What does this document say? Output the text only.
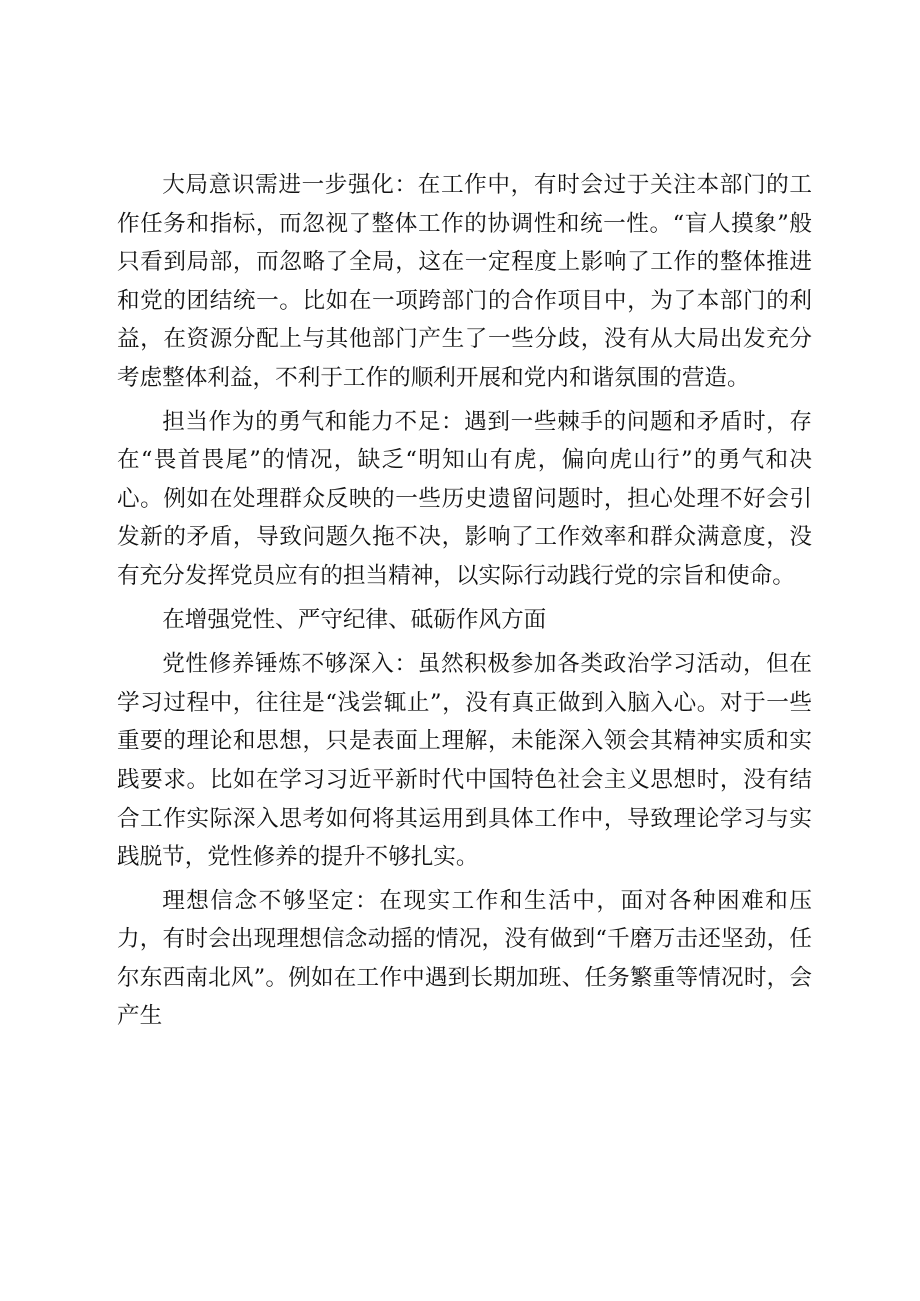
大局意识需进一步强化：在工作中，有时会过于关注本部门的工作任务和指标，而忽视了整体工作的协调性和统一性。“盲人摸象”般只看到局部，而忽略了全局，这在一定程度上影响了工作的整体推进和党的团结统一。比如在一项跨部门的合作项目中，为了本部门的利益，在资源分配上与其他部门产生了一些分歧，没有从大局出发充分考虑整体利益，不利于工作的顺利开展和党内和谐氛围的营造。

担当作为的勇气和能力不足：遇到一些棘手的问题和矛盾时，存在“畏首畏尾”的情况，缺乏“明知山有虎，偏向虎山行”的勇气和决心。例如在处理群众反映的一些历史遗留问题时，担心处理不好会引发新的矛盾，导致问题久拖不决，影响了工作效率和群众满意度，没有充分发挥党员应有的担当精神，以实际行动践行党的宗旨和使命。

在增强党性、严守纪律、砥砺作风方面

党性修养锤炼不够深入：虽然积极参加各类政治学习活动，但在学习过程中，往往是“浅尝辄止”，没有真正做到入脑入心。对于一些重要的理论和思想，只是表面上理解，未能深入领会其精神实质和实践要求。比如在学习习近平新时代中国特色社会主义思想时，没有结合工作实际深入思考如何将其运用到具体工作中，导致理论学习与实践脱节，党性修养的提升不够扎实。

理想信念不够坚定：在现实工作和生活中，面对各种困难和压力，有时会出现理想信念动摇的情况，没有做到“千磨万击还坚劲，任尔东西南北风”。例如在工作中遇到长期加班、任务繁重等情况时，会产生
